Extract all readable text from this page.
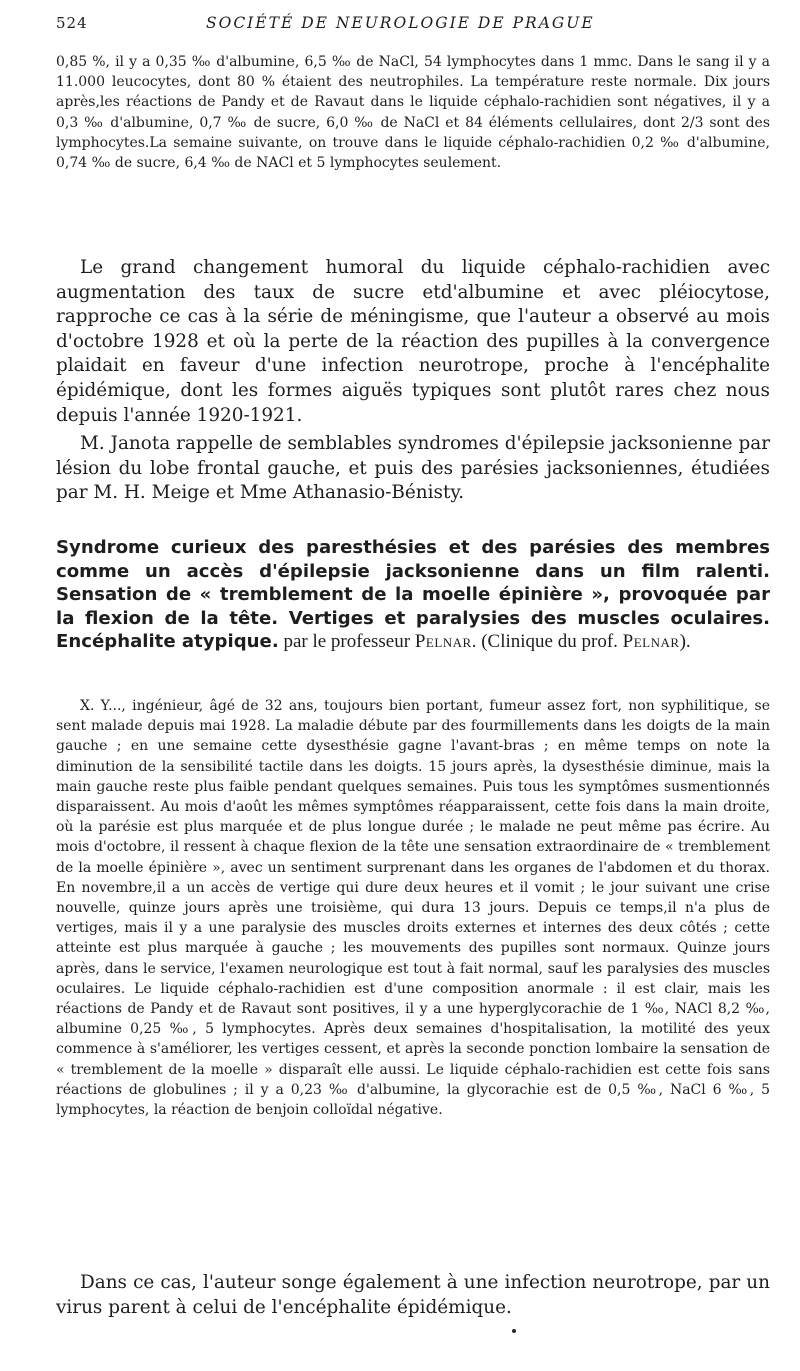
524	SOCIÉTÉ DE NEUROLOGIE DE PRAGUE

0,85 %, il y a 0,35 ‰ d'albumine, 6,5 ‰ de NaCl, 54 lymphocytes dans 1 mmc. Dans le sang il y a 11.000 leucocytes, dont 80 % étaient des neutrophiles. La température reste normale. Dix jours après,les réactions de Pandy et de Ravaut dans le liquide céphalo-rachidien sont négatives, il y a 0,3 ‰ d'albumine, 0,7 ‰ de sucre, 6,0 ‰ de NaCl et 84 éléments cellulaires, dont 2/3 sont des lymphocytes.La semaine suivante, on trouve dans le liquide céphalo-rachidien 0,2 ‰ d'albumine, 0,74 ‰ de sucre, 6,4 ‰ de NACl et 5 lymphocytes seulement.

Le grand changement humoral du liquide céphalo-rachidien avec augmentation des taux de sucre etd'albumine et avec pléiocytose, rapproche ce cas à la série de méningisme, que l'auteur a observé au mois d'octobre 1928 et où la perte de la réaction des pupilles à la convergence plaidait en faveur d'une infection neurotrope, proche à l'encéphalite épidémique, dont les formes aiguës typiques sont plutôt rares chez nous depuis l'année 1920-1921.

M. Janota rappelle de semblables syndromes d'épilepsie jacksonienne par lésion du lobe frontal gauche, et puis des parésies jacksoniennes, étudiées par M. H. Meige et Mme Athanasio-Bénisty.

Syndrome curieux des paresthésies et des parésies des membres comme un accès d'épilepsie jacksonienne dans un film ralenti. Sensation de « tremblement de la moelle épinière », provoquée par la flexion de la tête. Vertiges et paralysies des muscles oculaires. Encéphalite atypique. par le professeur Pelnar. (Clinique du prof. Pelnar).

X. Y..., ingénieur, âgé de 32 ans, toujours bien portant, fumeur assez fort, non syphilitique, se sent malade depuis mai 1928. La maladie débute par des fourmillements dans les doigts de la main gauche ; en une semaine cette dysesthésie gagne l'avant-bras ; en même temps on note la diminution de la sensibilité tactile dans les doigts. 15 jours après, la dysesthésie diminue, mais la main gauche reste plus faible pendant quelques semaines. Puis tous les symptômes susmentionnés disparaissent. Au mois d'août les mêmes symptômes réapparaissent, cette fois dans la main droite, où la parésie est plus marquée et de plus longue durée ; le malade ne peut même pas écrire. Au mois d'octobre, il ressent à chaque flexion de la tête une sensation extraordinaire de « tremblement de la moelle épinière », avec un sentiment surprenant dans les organes de l'abdomen et du thorax. En novembre,il a un accès de vertige qui dure deux heures et il vomit ; le jour suivant une crise nouvelle, quinze jours après une troisième, qui dura 13 jours. Depuis ce temps,il n'a plus de vertiges, mais il y a une paralysie des muscles droits externes et internes des deux côtés ; cette atteinte est plus marquée à gauche ; les mouvements des pupilles sont normaux. Quinze jours après, dans le service, l'examen neurologique est tout à fait normal, sauf les paralysies des muscles oculaires. Le liquide céphalo-rachidien est d'une composition anormale : il est clair, mais les réactions de Pandy et de Ravaut sont positives, il y a une hyperglycorachie de 1 ‰, NACl 8,2 ‰, albumine 0,25 ‰, 5 lymphocytes. Après deux semaines d'hospitalisation, la motilité des yeux commence à s'améliorer, les vertiges cessent, et après la seconde ponction lombaire la sensation de « tremblement de la moelle » disparaît elle aussi. Le liquide céphalo-rachidien est cette fois sans réactions de globulines ; il y a 0,23 ‰ d'albumine, la glycorachie est de 0,5 ‰, NaCl 6 ‰, 5 lymphocytes, la réaction de benjoin colloïdal négative.

Dans ce cas, l'auteur songe également à une infection neurotrope, par un virus parent à celui de l'encéphalite épidémique.
